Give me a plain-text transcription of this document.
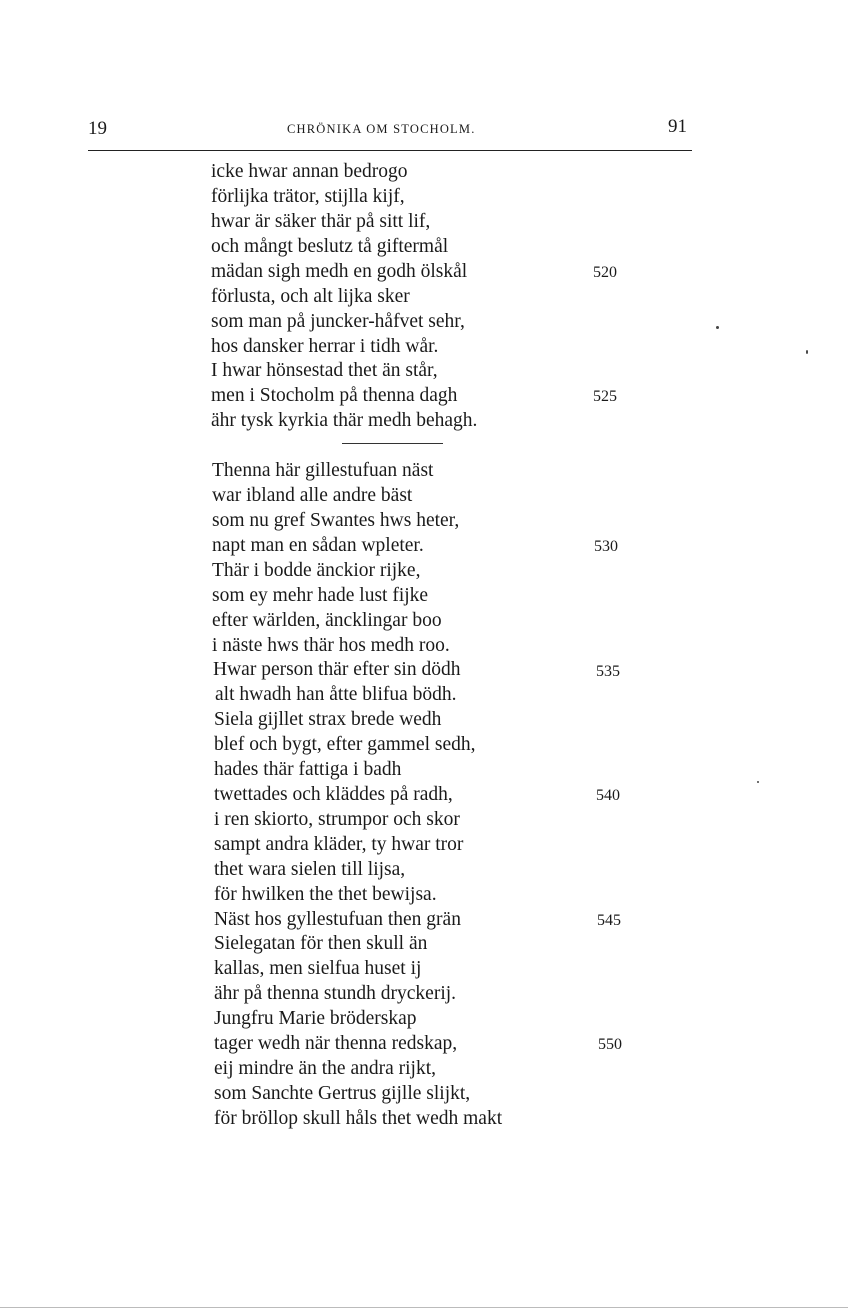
19	CHRÖNIKA OM STOCHOLM.	91
icke hwar annan bedrogo
förlijka trätor, stijlla kijf,
hwar är säker thär på sitt lif,
och mångt beslutz tå giftermål
mädan sigh medh en godh ölskål
förlusta, och alt lijka sker
som man på juncker-håfvet sehr,
hos dansker herrar i tidh wår.
I hwar hönsestad thet än står,
men i Stocholm på thenna dagh
ähr tysk kyrkia thär medh behagh.
Thenna här gillestufuan näst
war ibland alle andre bäst
som nu gref Swantes hws heter,
napt man en sådan wpleter.
Thär i bodde änckior rijke,
som ey mehr hade lust fijke
efter wärlden, äncklingar boo
i näste hws thär hos medh roo.
Hwar person thär efter sin dödh
alt hwadh han åtte blifua bödh.
Siela gijllet strax brede wedh
blef och bygt, efter gammel sedh,
hades thär fattiga i badh
twettades och kläddes på radh,
i ren skiorto, strumpor och skor
sampt andra kläder, ty hwar tror
thet wara sielen till lijsa,
för hwilken the thet bewijsa.
Näst hos gyllestufuan then grän
Sielegatan för then skull än
kallas, men sielfua huset ij
ähr på thenna stundh dryckerij.
Jungfru Marie bröderskap
tager wedh när thenna redskap,
eij mindre än the andra rijkt,
som Sanchte Gertrus gijlle slijkt,
för bröllop skull håls thet wedh makt
520
525
530
535
540
545
550
